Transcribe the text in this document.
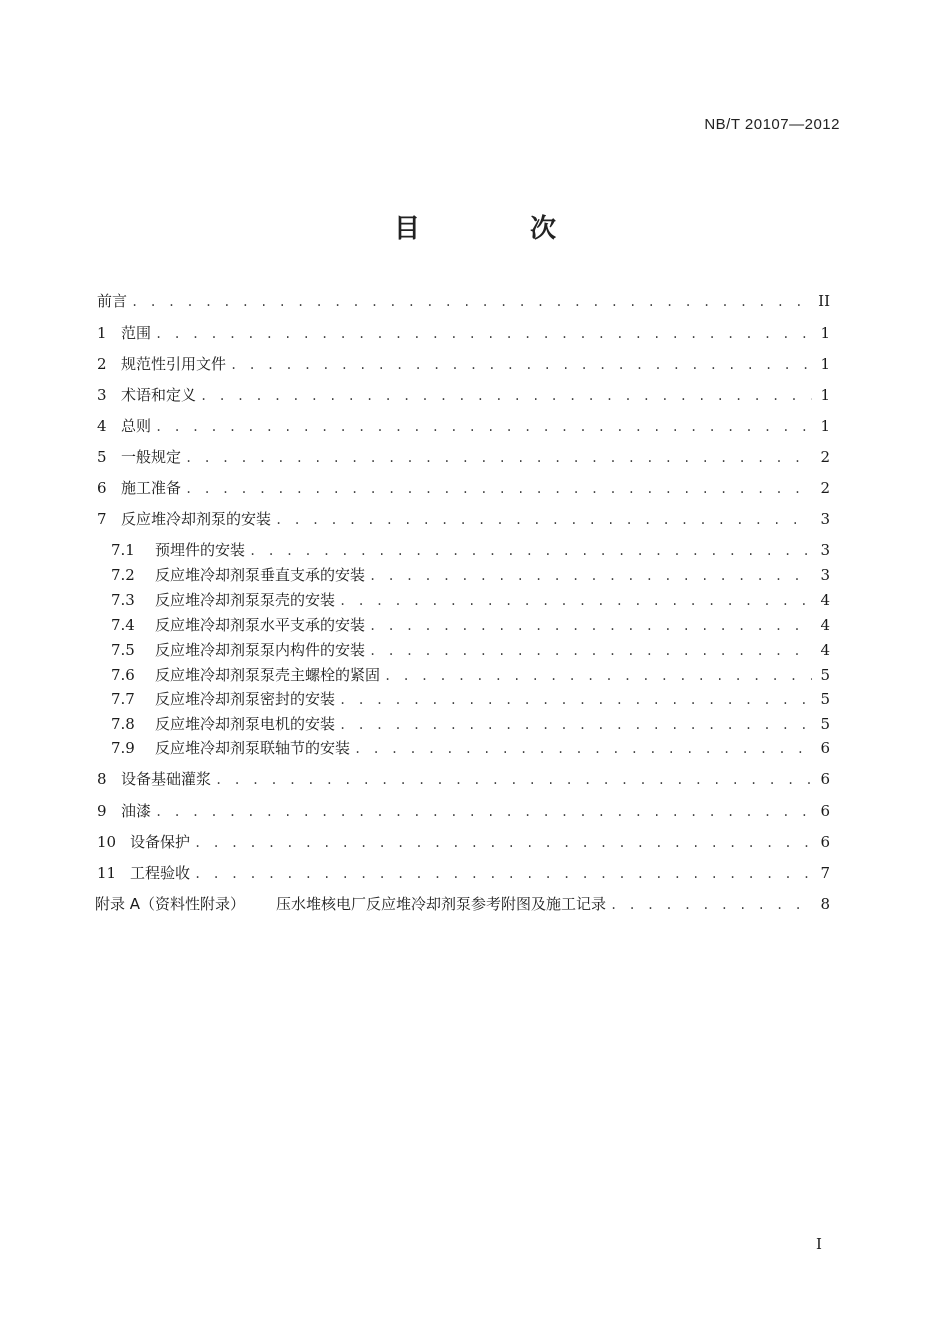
NB/T 20107—2012
目　次
前言 . . .	II
1 范围 . . .	1
2 规范性引用文件 . . .	1
3 术语和定义 . . .	1
4 总则 . . .	1
5 一般规定 . . .	2
6 施工准备 . . .	2
7 反应堆冷却剂泵的安装 . . .	3
7.1	预埋件的安装 . . .	3
7.2	反应堆冷却剂泵垂直支承的安装 . . .	3
7.3	反应堆冷却剂泵泵壳的安装 . . .	4
7.4	反应堆冷却剂泵水平支承的安装 . . .	4
7.5	反应堆冷却剂泵泵内构件的安装 . . .	4
7.6	反应堆冷却剂泵泵壳主螺栓的紧固 . . .	5
7.7	反应堆冷却剂泵密封的安装 . . .	5
7.8	反应堆冷却剂泵电机的安装 . . .	5
7.9	反应堆冷却剂泵联轴节的安装 . . .	6
8 设备基础灌浆 . . .	6
9 油漆 . . .	6
10 设备保护 . . .	6
11 工程验收 . . .	7
附录 A（资料性附录）	压水堆核电厂反应堆冷却剂泵参考附图及施工记录 . . .	8
I
